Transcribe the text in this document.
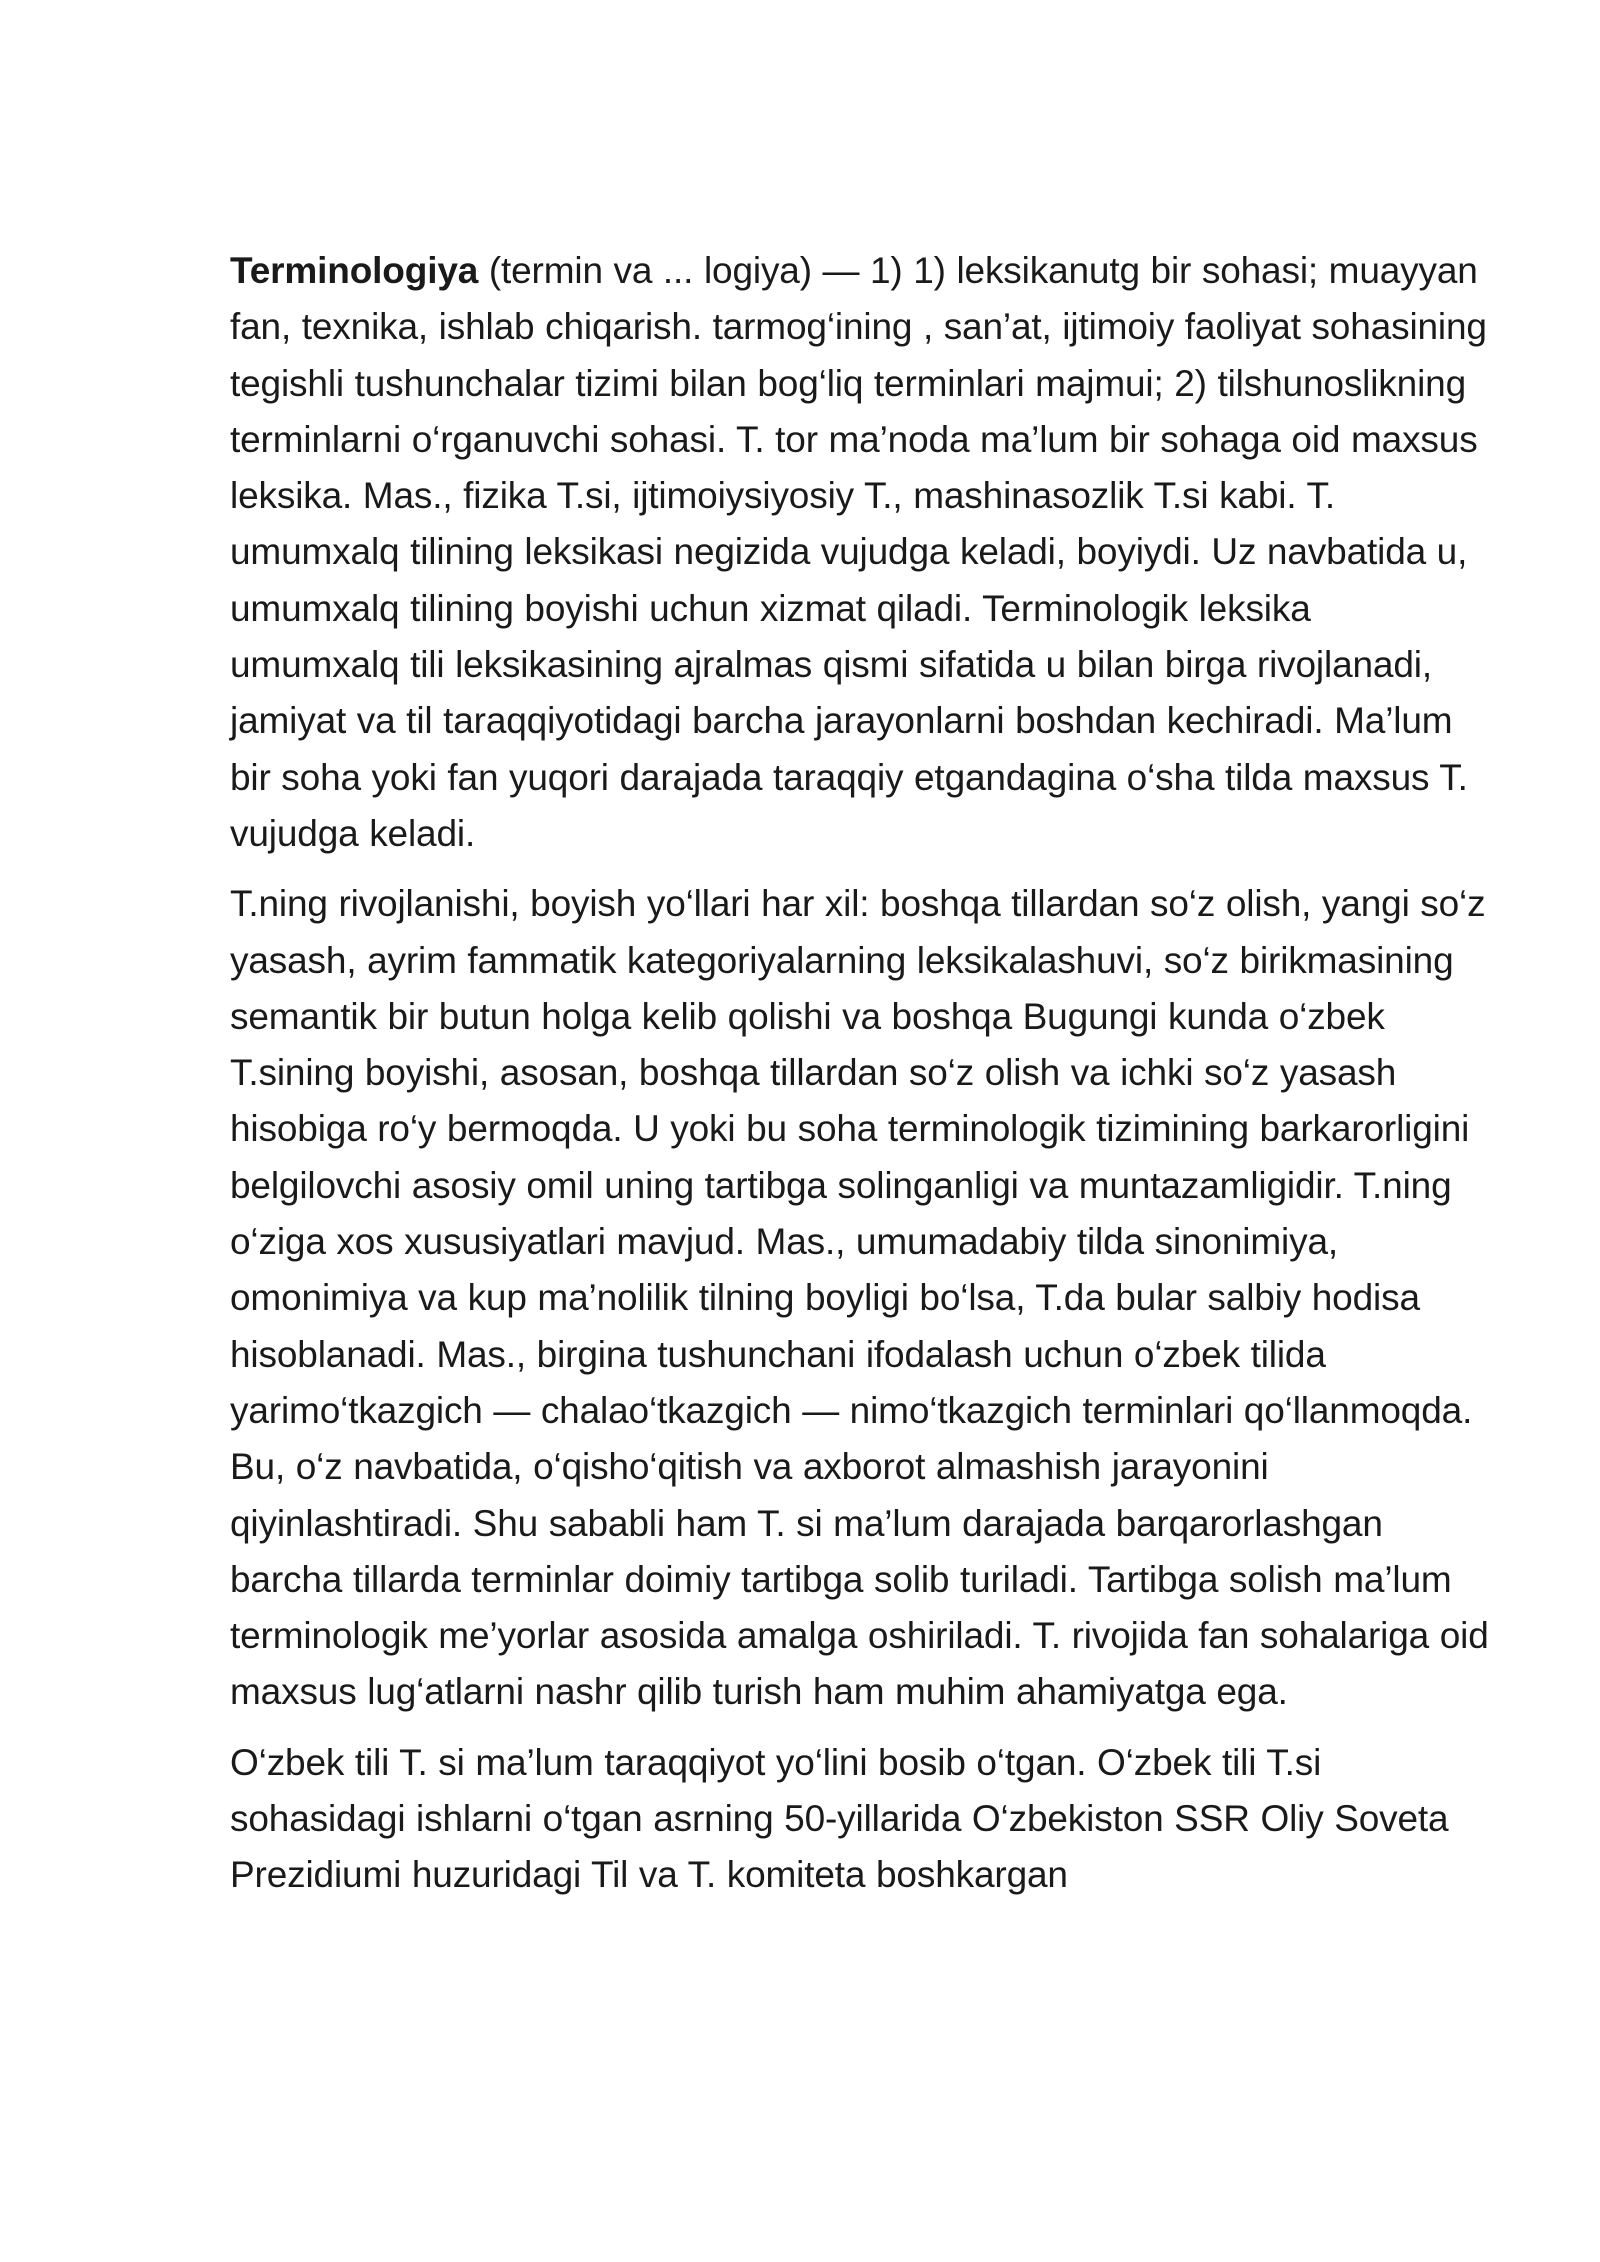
Terminologiya (termin va ... logiya) — 1) 1) leksikanutg bir sohasi; muayyan fan, texnika, ishlab chiqarish. tarmog‘ining , san’at, ijtimoiy faoliyat sohasining tegishli tushunchalar tizimi bilan bog‘liq terminlari majmui; 2) tilshunoslikning terminlarni o‘rganuvchi sohasi. T. tor ma’noda ma’lum bir sohaga oid maxsus leksika. Mas., fizika T.si, ijtimoiysiyosiy T., mashinasozlik T.si kabi. T. umumxalq tilining leksikasi negizida vujudga keladi, boyiydi. Uz navbatida u, umumxalq tilining boyishi uchun xizmat qiladi. Terminologik leksika umumxalq tili leksikasining ajralmas qismi sifatida u bilan birga rivojlanadi, jamiyat va til taraqqiyotidagi barcha jarayonlarni boshdan kechiradi. Ma’lum bir soha yoki fan yuqori darajada taraqqiy etgandagina o‘sha tilda maxsus T. vujudga keladi.

T.ning rivojlanishi, boyish yo‘llari har xil: boshqa tillardan so‘z olish, yangi so‘z yasash, ayrim fammatik kategoriyalarning leksikalashuvi, so‘z birikmasining semantik bir butun holga kelib qolishi va boshqa Bugungi kunda o‘zbek T.sining boyishi, asosan, boshqa tillardan so‘z olish va ichki so‘z yasash hisobiga ro‘y bermoqda. U yoki bu soha terminologik tizimining barkarorligini belgilovchi asosiy omil uning tartibga solinganligi va muntazamligidir. T.ning o‘ziga xos xususiyatlari mavjud. Mas., umumadabiy tilda sinonimiya, omonimiya va kup ma’nolilik tilning boyligi bo‘lsa, T.da bular salbiy hodisa hisoblanadi. Mas., birgina tushunchani ifodalash uchun o‘zbek tilida yarimo‘tkazgich — chalao‘tkazgich — nimo‘tkazgich terminlari qo‘llanmoqda. Bu, o‘z navbatida, o‘qisho‘qitish va axborot almashish jarayonini qiyinlashtiradi. Shu sababli ham T. si ma’lum darajada barqarorlashgan barcha tillarda terminlar doimiy tartibga solib turiladi. Tartibga solish ma’lum terminologik me’yorlar asosida amalga oshiriladi. T. rivojida fan sohalariga oid maxsus lug‘atlarni nashr qilib turish ham muhim ahamiyatga ega.

O‘zbek tili T. si ma’lum taraqqiyot yo‘lini bosib o‘tgan. O‘zbek tili T.si sohasidagi ishlarni o‘tgan asrning 50-yillarida O‘zbekiston SSR Oliy Soveta Prezidiumi huzuridagi Til va T. komiteta boshkargan
